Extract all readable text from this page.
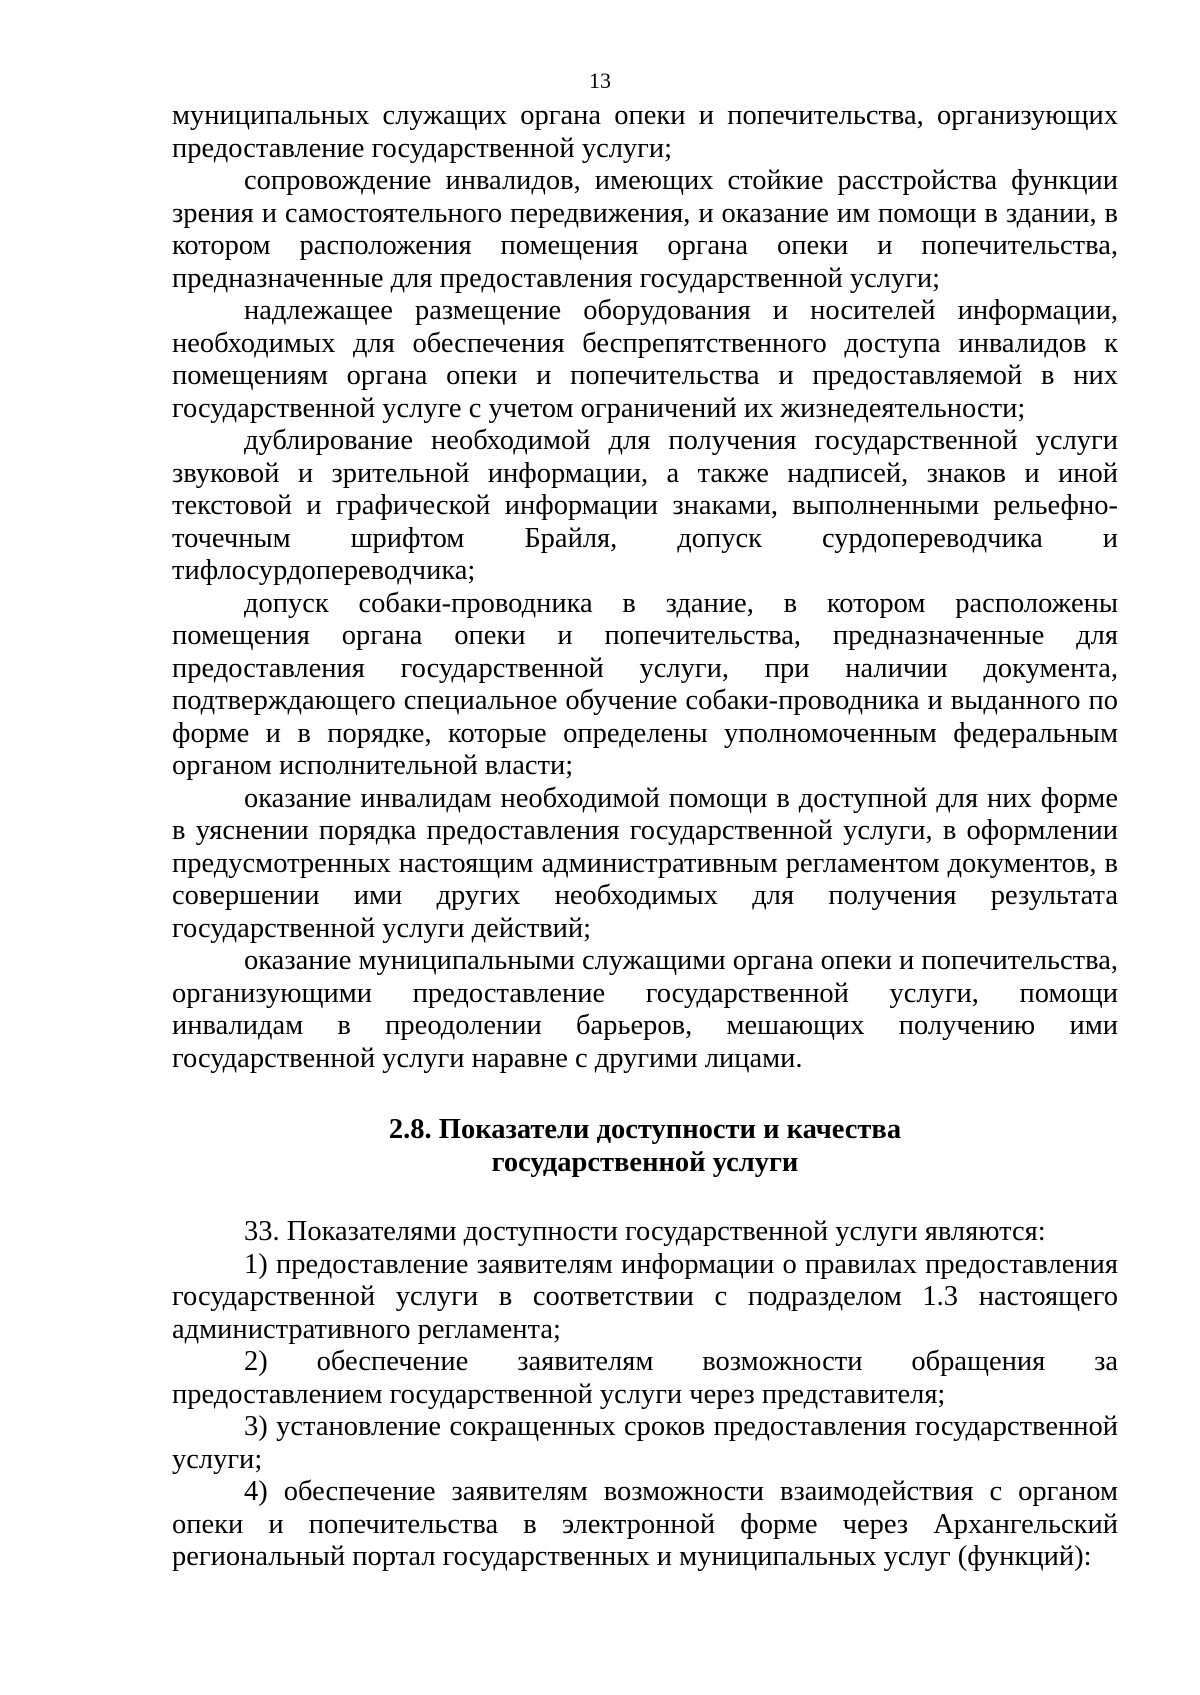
13

муниципальных служащих органа опеки и попечительства, организующих предоставление государственной услуги;

сопровождение инвалидов, имеющих стойкие расстройства функции зрения и самостоятельного передвижения, и оказание им помощи в здании, в котором расположения помещения органа опеки и попечительства, предназначенные для предоставления государственной услуги;

надлежащее размещение оборудования и носителей информации, необходимых для обеспечения беспрепятственного доступа инвалидов к помещениям органа опеки и попечительства и предоставляемой в них государственной услуге с учетом ограничений их жизнедеятельности;

дублирование необходимой для получения государственной услуги звуковой и зрительной информации, а также надписей, знаков и иной текстовой и графической информации знаками, выполненными рельефно-точечным шрифтом Брайля, допуск сурдопереводчика и тифлосурдопереводчика;

допуск собаки-проводника в здание, в котором расположены помещения органа опеки и попечительства, предназначенные для предоставления государственной услуги, при наличии документа, подтверждающего специальное обучение собаки-проводника и выданного по форме и в порядке, которые определены уполномоченным федеральным органом исполнительной власти;

оказание инвалидам необходимой помощи в доступной для них форме в уяснении порядка предоставления государственной услуги, в оформлении предусмотренных настоящим административным регламентом документов, в совершении ими других необходимых для получения результата государственной услуги действий;

оказание муниципальными служащими органа опеки и попечительства, организующими предоставление государственной услуги, помощи инвалидам в преодолении барьеров, мешающих получению ими государственной услуги наравне с другими лицами.

2.8. Показатели доступности и качества
государственной услуги

33. Показателями доступности государственной услуги являются:

1) предоставление заявителям информации о правилах предоставления государственной услуги в соответствии с подразделом 1.3 настоящего административного регламента;

2) обеспечение заявителям возможности обращения за предоставлением государственной услуги через представителя;

3) установление сокращенных сроков предоставления государственной услуги;

4) обеспечение заявителям возможности взаимодействия с органом опеки и попечительства в электронной форме через Архангельский региональный портал государственных и муниципальных услуг (функций):
